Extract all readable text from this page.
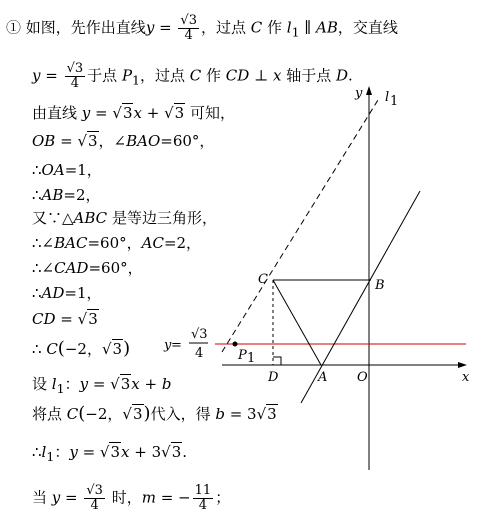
① 如图，先作出直线$y = \frac{√3}{4}$ ，过点 C 作 $l_1$ ∥ AB，交直线
$y = \frac{√3}{4}$ 于点 $P_1$，过点 C 作 CD ⊥ x 轴于点 D.
由直线 y = √3x + √3 可知，
OB = √3，∠BAO=60°，
∴OA=1，
∴AB=2，
又∵△ABC 是等边三角形，
∴∠BAC=60°，AC=2，
∴∠CAD=60°，
∴AD=1，
CD = √3
∴ C(−2，√3)
设 $l_1$：y = √3x + b
将点 C(−2，√3)代入，得 b = 3√3
$\therefore l_1$：y = √3x + 3√3.
当 $y = \frac{√3}{4}$ 时，m = − $\frac{11}{4}$ ；
y l 1
C	B
D	A O	x
P 1
y =
√3
4
